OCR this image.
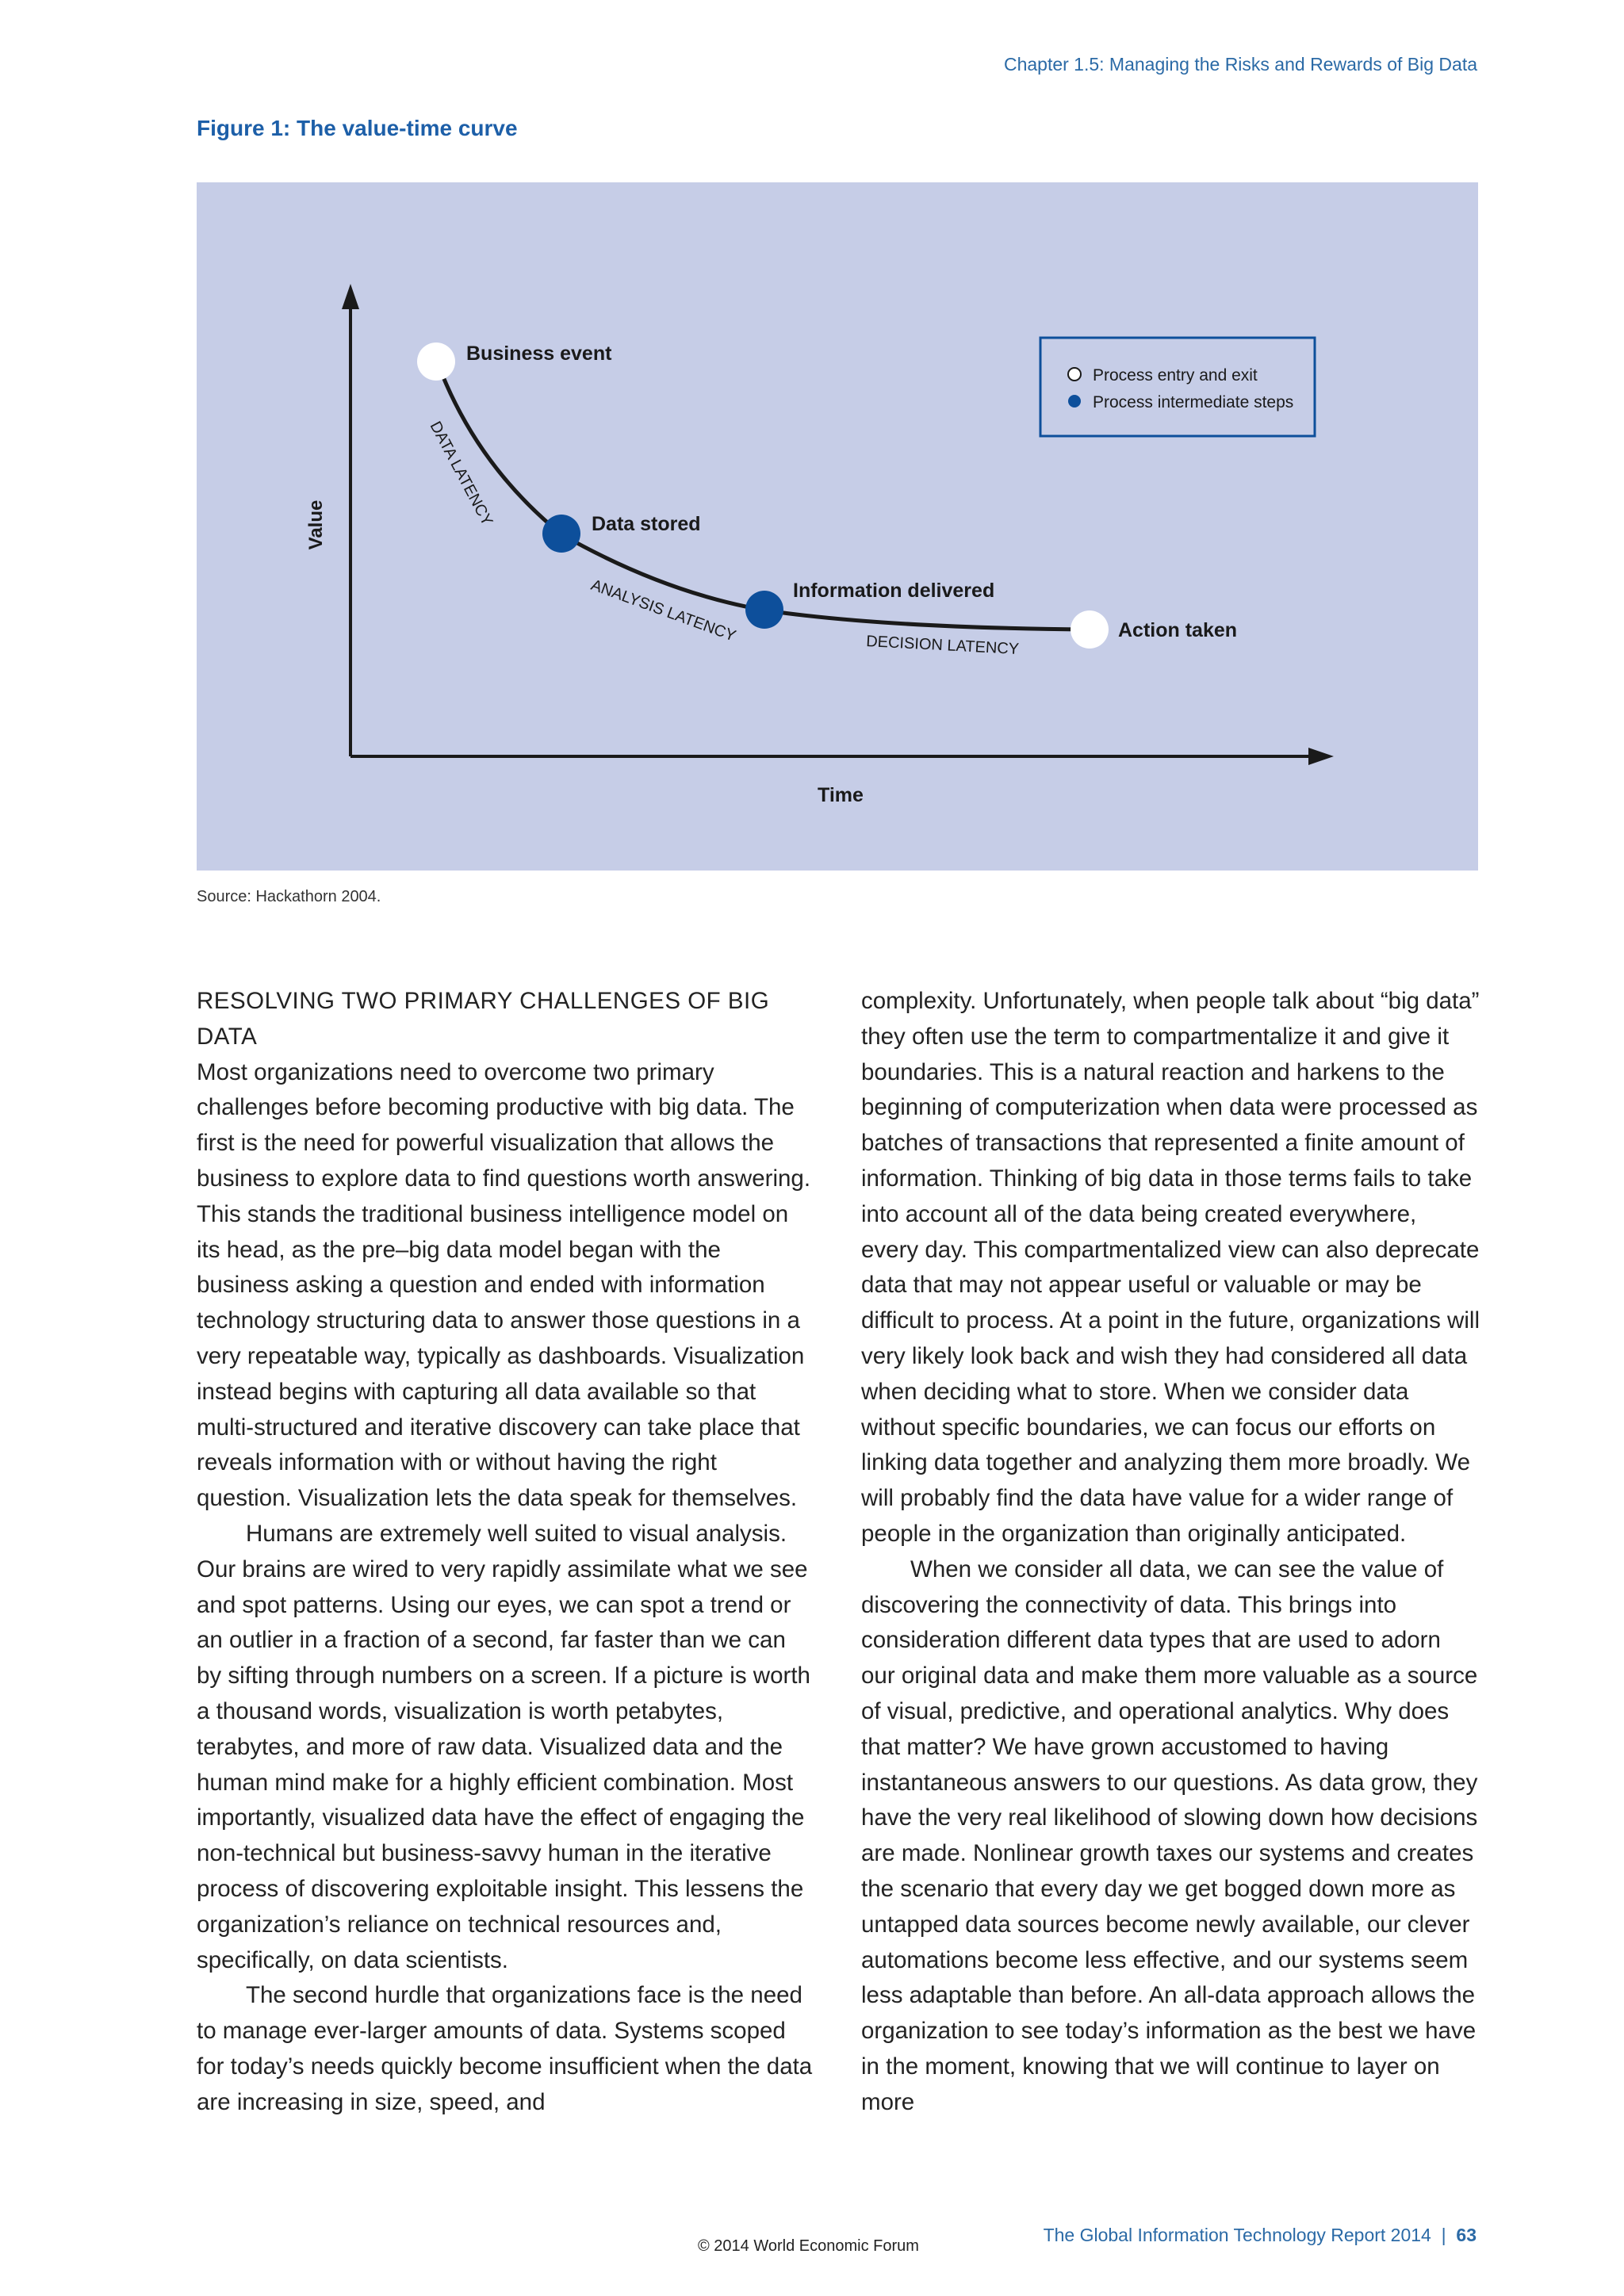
Chapter 1.5: Managing the Risks and Rewards of Big Data
Figure 1: The value-time curve
Value
Time
Business event
Data stored
Information delivered
Action taken
DATA LATENCY
ANALYSIS LATENCY
DECISION LATENCY
Process entry and exit
Process intermediate steps
Source: Hackathorn 2004.
RESOLVING TWO PRIMARY CHALLENGES OF BIG DATA

Most organizations need to overcome two primary challenges before becoming productive with big data. The first is the need for powerful visualization that allows the business to explore data to find questions worth answering. This stands the traditional business intelligence model on its head, as the pre–big data model began with the business asking a question and ended with information technology structuring data to answer those questions in a very repeatable way, typically as dashboards. Visualization instead begins with capturing all data available so that multi-structured and iterative discovery can take place that reveals information with or without having the right question. Visualization lets the data speak for themselves.

Humans are extremely well suited to visual analysis. Our brains are wired to very rapidly assimilate what we see and spot patterns. Using our eyes, we can spot a trend or an outlier in a fraction of a second, far faster than we can by sifting through numbers on a screen. If a picture is worth a thousand words, visualization is worth petabytes, terabytes, and more of raw data. Visualized data and the human mind make for a highly efficient combination. Most importantly, visualized data have the effect of engaging the non-technical but business-savvy human in the iterative process of discovering exploitable insight. This lessens the organization’s reliance on technical resources and, specifically, on data scientists.

The second hurdle that organizations face is the need to manage ever-larger amounts of data. Systems scoped for today’s needs quickly become insufficient when the data are increasing in size, speed, and

complexity. Unfortunately, when people talk about “big data” they often use the term to compartmentalize it and give it boundaries. This is a natural reaction and harkens to the beginning of computerization when data were processed as batches of transactions that represented a finite amount of information. Thinking of big data in those terms fails to take into account all of the data being created everywhere, every day. This compartmentalized view can also deprecate data that may not appear useful or valuable or may be difficult to process. At a point in the future, organizations will very likely look back and wish they had considered all data when deciding what to store. When we consider data without specific boundaries, we can focus our efforts on linking data together and analyzing them more broadly. We will probably find the data have value for a wider range of people in the organization than originally anticipated.

When we consider all data, we can see the value of discovering the connectivity of data. This brings into consideration different data types that are used to adorn our original data and make them more valuable as a source of visual, predictive, and operational analytics. Why does that matter? We have grown accustomed to having instantaneous answers to our questions. As data grow, they have the very real likelihood of slowing down how decisions are made. Nonlinear growth taxes our systems and creates the scenario that every day we get bogged down more as untapped data sources become newly available, our clever automations become less effective, and our systems seem less adaptable than before. An all-data approach allows the organization to see today’s information as the best we have in the moment, knowing that we will continue to layer on more

The Global Information Technology Report 2014 | 63
© 2014 World Economic Forum
